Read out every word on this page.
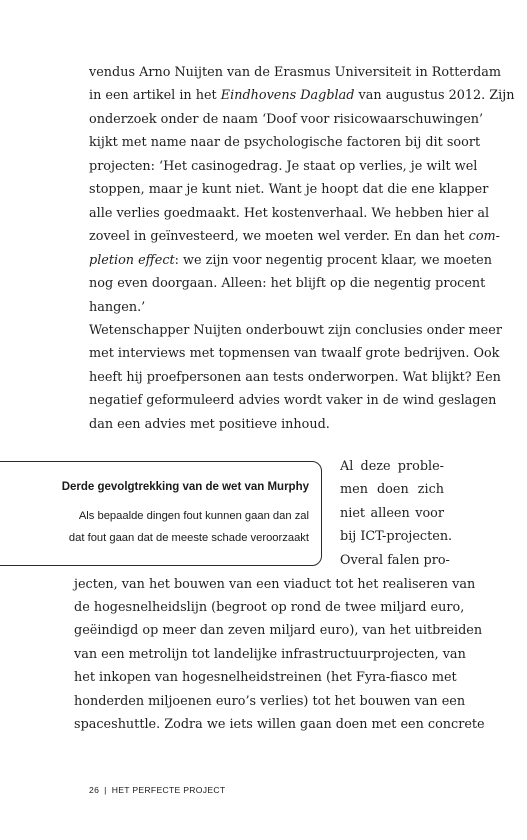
vendus Arno Nuijten van de Erasmus Universiteit in Rotterdam
in een artikel in het Eindhovens Dagblad van augustus 2012. Zijn
onderzoek onder de naam ‘Doof voor risicowaarschuwingen’
kijkt met name naar de psychologische factoren bij dit soort
projecten: ‘Het casinogedrag. Je staat op verlies, je wilt wel
stoppen, maar je kunt niet. Want je hoopt dat die ene klapper
alle verlies goedmaakt. Het kostenverhaal. We hebben hier al
zoveel in geïnvesteerd, we moeten wel verder. En dan het com-
pletion effect: we zijn voor negentig procent klaar, we moeten
nog even doorgaan. Alleen: het blijft op die negentig procent
hangen.’
Wetenschapper Nuijten onderbouwt zijn conclusies onder meer
met interviews met topmensen van twaalf grote bedrijven. Ook
heeft hij proefpersonen aan tests onderworpen. Wat blijkt? Een
negatief geformuleerd advies wordt vaker in de wind geslagen
dan een advies met positieve inhoud.
Al deze proble-
men doen zich
niet alleen voor
bij ICT-projecten.
Overal falen pro-
jecten, van het bouwen van een viaduct tot het realiseren van
de hogesnelheidslijn (begroot op rond de twee miljard euro,
geëindigd op meer dan zeven miljard euro), van het uitbreiden
van een metrolijn tot landelijke infrastructuurprojecten, van
het inkopen van hogesnelheidstreinen (het Fyra-fiasco met
honderden miljoenen euro’s verlies) tot het bouwen van een
spaceshuttle. Zodra we iets willen gaan doen met een concrete
Derde gevolgtrekking van de wet van Murphy
Als bepaalde dingen fout kunnen gaan dan zal
dat fout gaan dat de meeste schade veroorzaakt
26 | HET PERFECTE PROJECT
